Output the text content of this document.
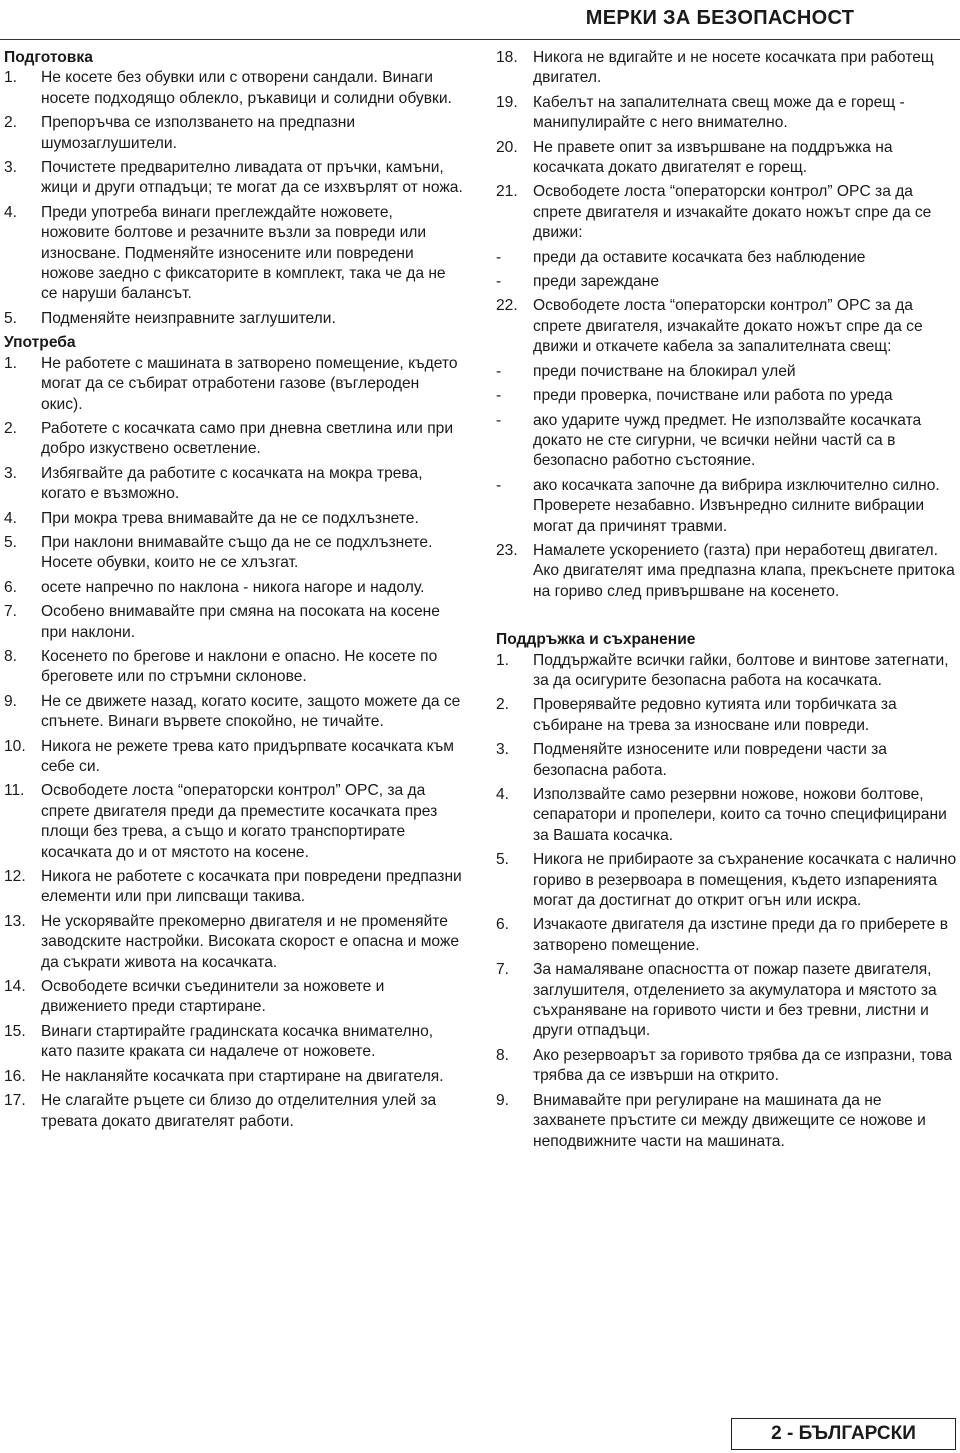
МЕРКИ ЗА БЕЗОПАСНОСТ
Подготовка
1.	Не косете без обувки или с отворени сандали. Винаги носете подходящо облекло, ръкавици и солидни обувки.
2.	Препоръчва се използването на предпазни шумозаглушители.
3.	Почистете предварително ливадата от пръчки, камъни, жици и други отпадъци; те могат да се изхвърлят от ножа.
4.	Преди употреба винаги преглеждайте ножовете, ножовите болтове и резачните възли за повреди или износване. Подменяйте износените или повредени ножове заедно с фиксаторите в комплект, така че да не се наруши балансът.
5.	Подменяйте неизправните заглушители.
Употреба
1.	Не работете с машината в затворено помещение, където могат да се събират отработени газове (въглероден окис).
2.	Работете с косачката само при дневна светлина или при добро изкуствено осветление.
3.	Избягвайте да работите с косачката на мокра трева, когато е възможно.
4.	При мокра трева внимавайте да не се подхлъзнете.
5.	При наклони внимавайте също да не се подхлъзнете. Носете обувки, които не се хлъзгат.
6.	осете напречно по наклона - никога нагоре и надолу.
7.	Особено внимавайте при смяна на посоката на косене при наклони.
8.	Косенето по брегове и наклони е опасно. Не косете по бреговете или по стръмни склонове.
9.	Не се движете назад, когато косите, защото можете да се спънете. Винаги вървете спокойно, не тичайте.
10. Никога не режете трева като придърпвате косачката към себе си.
11.	Освободете лоста “операторски контрол” OPC, за да спрете двигателя преди да преместите косачката през площи без трева, а също и когато транспортирате косачката до и от мястото на косене.
12. Никога не работете с косачката при повредени предпазни елементи или при липсващи такива.
13. Не ускорявайте прекомерно двигателя и не променяйте заводските настройки. Високата скорост е опасна и може да съкрати живота на косачката.
14. Освободете всички съединители за ножовете и движението преди стартиране.
15. Винаги стартирайте градинската косачка внимателно, като пазите краката си надалече от ножовете.
16. Не накланяйте косачката при стартиране на двигателя.
17. Не слагайте ръцете си близо до отделителния улей за тревата докато двигателят работи.
18. Никога не вдигайте и не носете косачката при работещ двигател.
19. Кабелът на запалителната свещ може да е горещ - манипулирайте с него внимателно.
20. Не правете опит за извършване на поддръжка на косачката докато двигателят е горещ.
21. Освободете лоста “операторски контрол” OPC за да спрете двигателя и изчакайте докато ножът спре да се движи:
-	преди да оставите косачката без наблюдение
-	преди зареждане
22. Освободете лоста “операторски контрол” OPC за да спрете двигателя, изчакайте докато ножът спре да се движи и откачете кабела за запалителната свещ:
-	преди почистване на блокирал улей
-	преди проверка, почистване или работа по уреда
-	ако ударите чужд предмет. Не използвайте косачката докато не сте сигурни, че всички нейни частй са в безопасно работно състояние.
-	ако косачката започне да вибрира изключително силно. Проверете незабавно. Извънредно силните вибрации могат да причинят травми.
23. Намалете ускорението (газта) при неработещ двигател. Ако двигателят има предпазна клапа, прекъснете притока на гориво след привършване на косенето.
Поддръжка и съхранение
1.	Поддържайте всички гайки, болтове и винтове затегнати, за да осигурите безопасна работа на косачката.
2.	Проверявайте редовно кутията или торбичката за събиране на трева за износване или повреди.
3.	Подменяйте износените или повредени части за безопасна работа.
4.	Използвайте само резервни ножове, ножови болтове, сепаратори и пропелери, които са точно специфицирани за Вашата косачка.
5.	Никога не прибираоте за съхранение косачката с налично гориво в резервоара в помещения, където изпаренията могат да достигнат до открит огън или искра.
6.	Изчакаоте двигателя да изстине преди да го приберете в затворено помещение.
7.	За намаляване опасността от пожар пазете двигателя, заглушителя, отделението за акумулатора и мястото за съхраняване на горивото чисти и без тревни, листни и други отпадъци.
8.	Ако резервоарът за горивото трябва да се изпразни, това трябва да се извърши на открито.
9.	Внимавайте при регулиране на машината да не захванете пръстите си между движещите се ножове и неподвижните части на машината.
2 - БЪЛГАРСКИ
